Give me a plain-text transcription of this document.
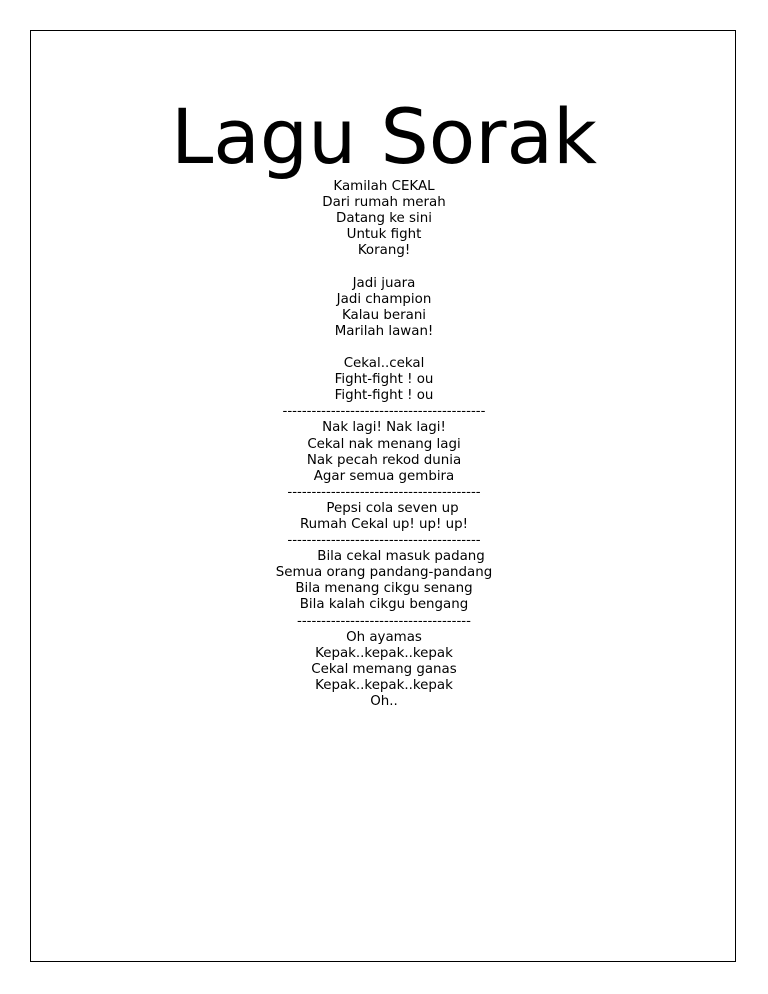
Lagu Sorak
Kamilah CEKAL
Dari rumah merah
Datang ke sini
Untuk fight
Korang!
Jadi juara
Jadi champion
Kalau berani
Marilah lawan!
Cekal..cekal
Fight-fight ! ou
Fight-fight ! ou
------------------------------------------
Nak lagi! Nak lagi!
Cekal nak menang lagi
Nak pecah rekod dunia
Agar semua gembira
----------------------------------------
Pepsi cola seven up
Rumah Cekal up! up! up!
----------------------------------------
Bila cekal masuk padang
Semua orang pandang-pandang
Bila menang cikgu senang
Bila kalah cikgu bengang
------------------------------------
Oh ayamas
Kepak..kepak..kepak
Cekal memang ganas
Kepak..kepak..kepak
Oh..
